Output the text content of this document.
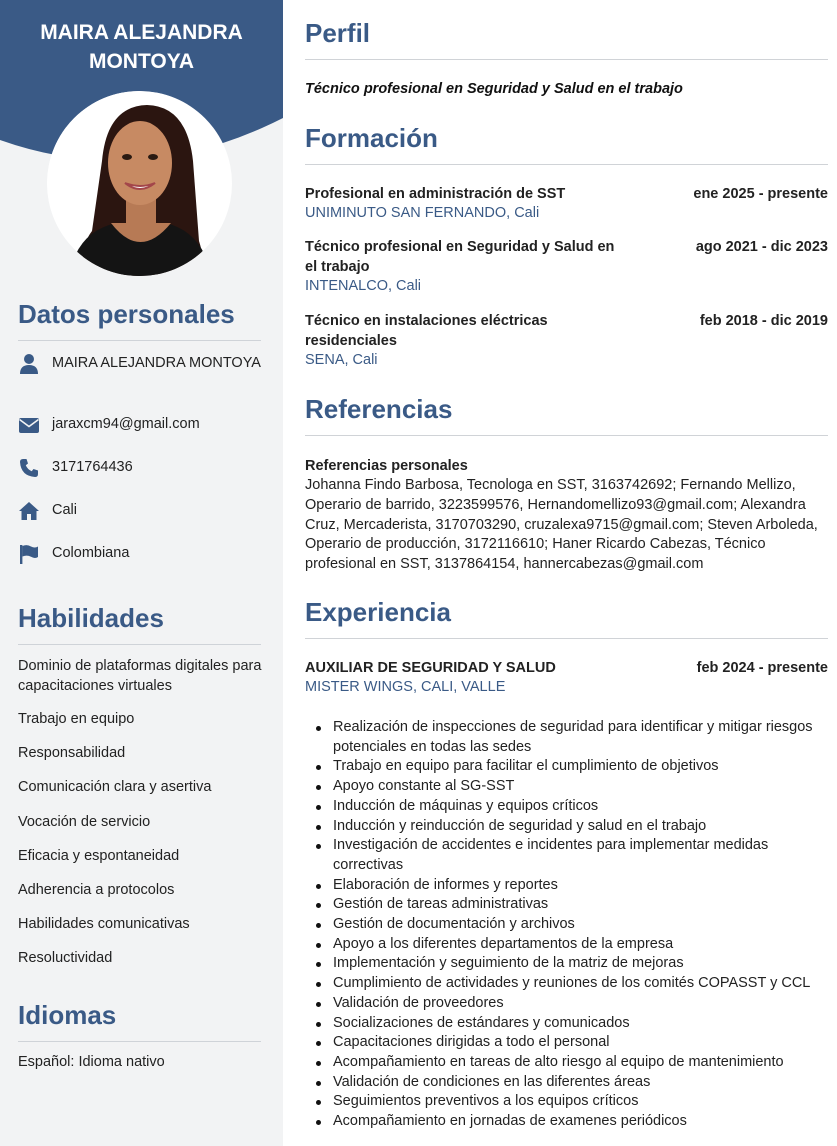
MAIRA ALEJANDRA MONTOYA
Datos personales
MAIRA ALEJANDRA MONTOYA
jaraxcm94@gmail.com
3171764436
Cali
Colombiana
Habilidades
Dominio de plataformas digitales para capacitaciones virtuales
Trabajo en equipo
Responsabilidad
Comunicación clara y asertiva
Vocación de servicio
Eficacia y espontaneidad
Adherencia a protocolos
Habilidades comunicativas
Resoluctividad
Idiomas
Español: Idioma nativo
Perfil
Técnico profesional en Seguridad y Salud en el trabajo
Formación
Profesional en administración de SST	ene 2025 - presente
UNIMINUTO SAN FERNANDO, Cali
Técnico profesional en Seguridad y Salud en el trabajo
ago 2021 - dic 2023
INTENALCO, Cali
Técnico en instalaciones eléctricas residenciales
feb 2018 - dic 2019
SENA, Cali
Referencias
Referencias personales
Johanna Findo Barbosa, Tecnologa en SST, 3163742692; Fernando Mellizo, Operario de barrido, 3223599576, Hernandomellizo93@gmail.com; Alexandra Cruz, Mercaderista, 3170703290, cruzalexa9715@gmail.com; Steven Arboleda, Operario de producción, 3172116610; Haner Ricardo Cabezas, Técnico profesional en SST, 3137864154, hannercabezas@gmail.com
Experiencia
AUXILIAR DE SEGURIDAD Y SALUD	feb 2024 - presente
MISTER WINGS, CALI, VALLE
Realización de inspecciones de seguridad para identificar y mitigar riesgos potenciales en todas las sedes
Trabajo en equipo para facilitar el cumplimiento de objetivos
Apoyo constante al SG-SST
Inducción de máquinas y equipos críticos
Inducción y reinducción de seguridad y salud en el trabajo
Investigación de accidentes e incidentes para implementar medidas correctivas
Elaboración de informes y reportes
Gestión de tareas administrativas
Gestión de documentación y archivos
Apoyo a los diferentes departamentos de la empresa
Implementación y seguimiento de la matriz de mejoras
Cumplimiento de actividades y reuniones de los comités COPASST y CCL
Validación de proveedores
Socializaciones de estándares y comunicados
Capacitaciones dirigidas a todo el personal
Acompañamiento en tareas de alto riesgo al equipo de mantenimiento
Validación de condiciones en las diferentes áreas
Seguimientos preventivos a los equipos críticos
Acompañamiento en jornadas de examenes periódicos
